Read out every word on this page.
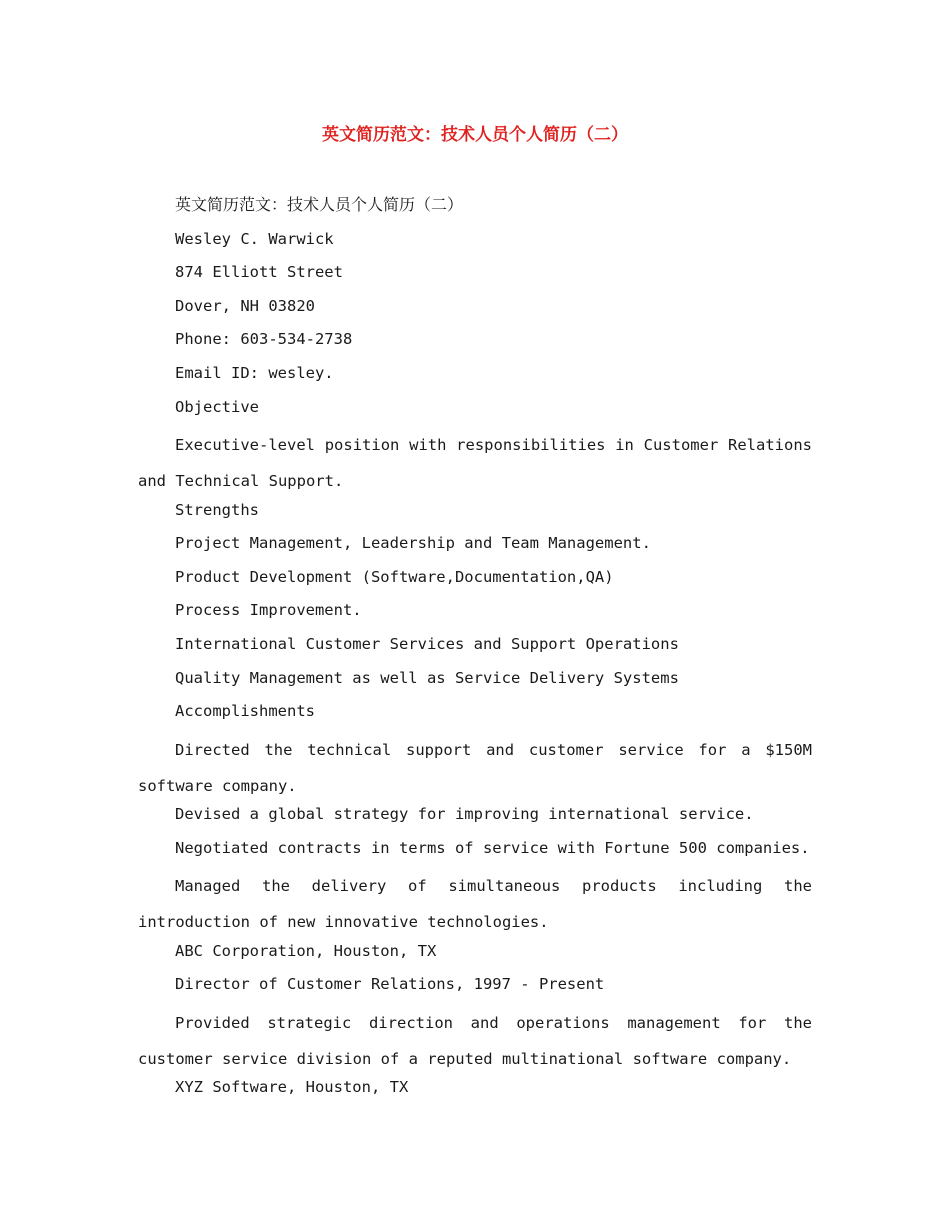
英文简历范文：技术人员个人简历（二）

英文简历范文：技术人员个人简历（二）

Wesley C. Warwick

874 Elliott Street

Dover, NH 03820

Phone: 603-534-2738

Email ID: wesley.

Objective

Executive-level position with responsibilities in Customer Relations and Technical Support.

Strengths

Project Management, Leadership and Team Management.

Product Development (Software,Documentation,QA)

Process Improvement.

International Customer Services and Support Operations

Quality Management as well as Service Delivery Systems

Accomplishments

Directed the technical support and customer service for a $150M software company.

Devised a global strategy for improving international service.

Negotiated contracts in terms of service with Fortune 500 companies.

Managed the delivery of simultaneous products including the introduction of new innovative technologies.

ABC Corporation, Houston, TX

Director of Customer Relations, 1997 - Present

Provided strategic direction and operations management for the customer service division of a reputed multinational software company.

XYZ Software, Houston, TX
